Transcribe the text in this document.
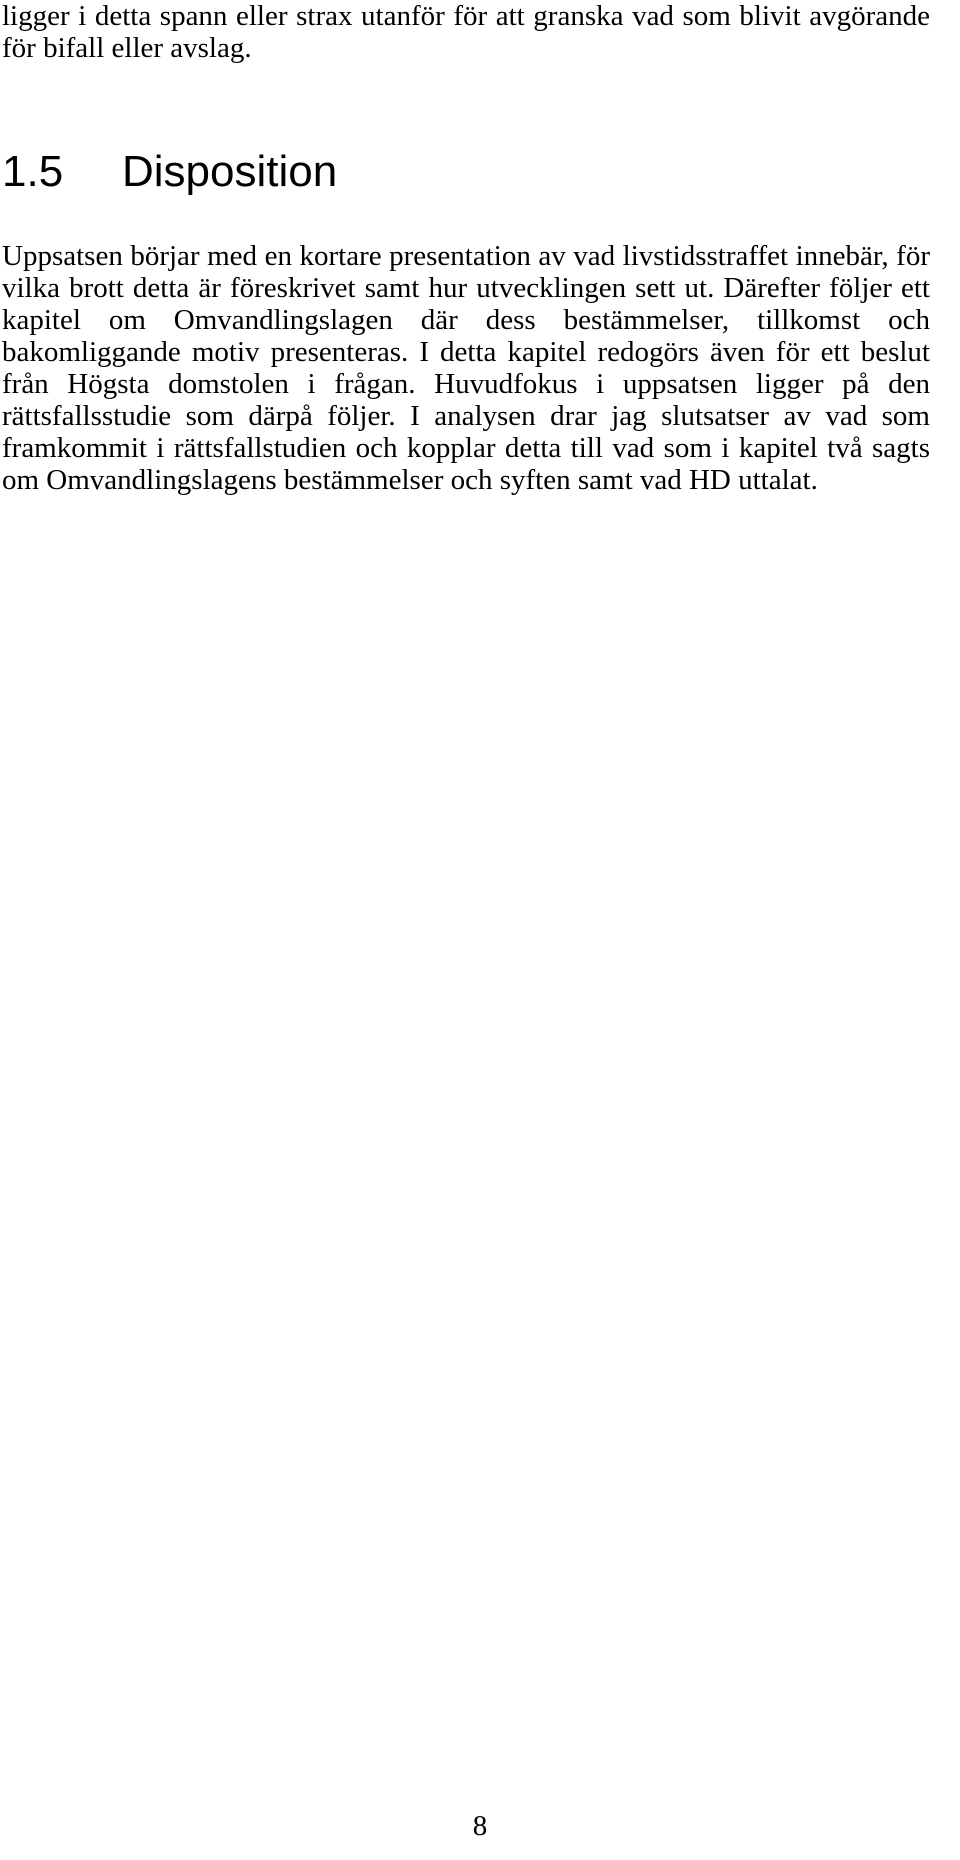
ligger i detta spann eller strax utanför för att granska vad som blivit avgörande för bifall eller avslag.

1.5 Disposition

Uppsatsen börjar med en kortare presentation av vad livstidsstraffet innebär, för vilka brott detta är föreskrivet samt hur utvecklingen sett ut. Därefter följer ett kapitel om Omvandlingslagen där dess bestämmelser, tillkomst och bakomliggande motiv presenteras. I detta kapitel redogörs även för ett beslut från Högsta domstolen i frågan. Huvudfokus i uppsatsen ligger på den rättsfallsstudie som därpå följer. I analysen drar jag slutsatser av vad som framkommit i rättsfallstudien och kopplar detta till vad som i kapitel två sagts om Omvandlingslagens bestämmelser och syften samt vad HD uttalat.

8
